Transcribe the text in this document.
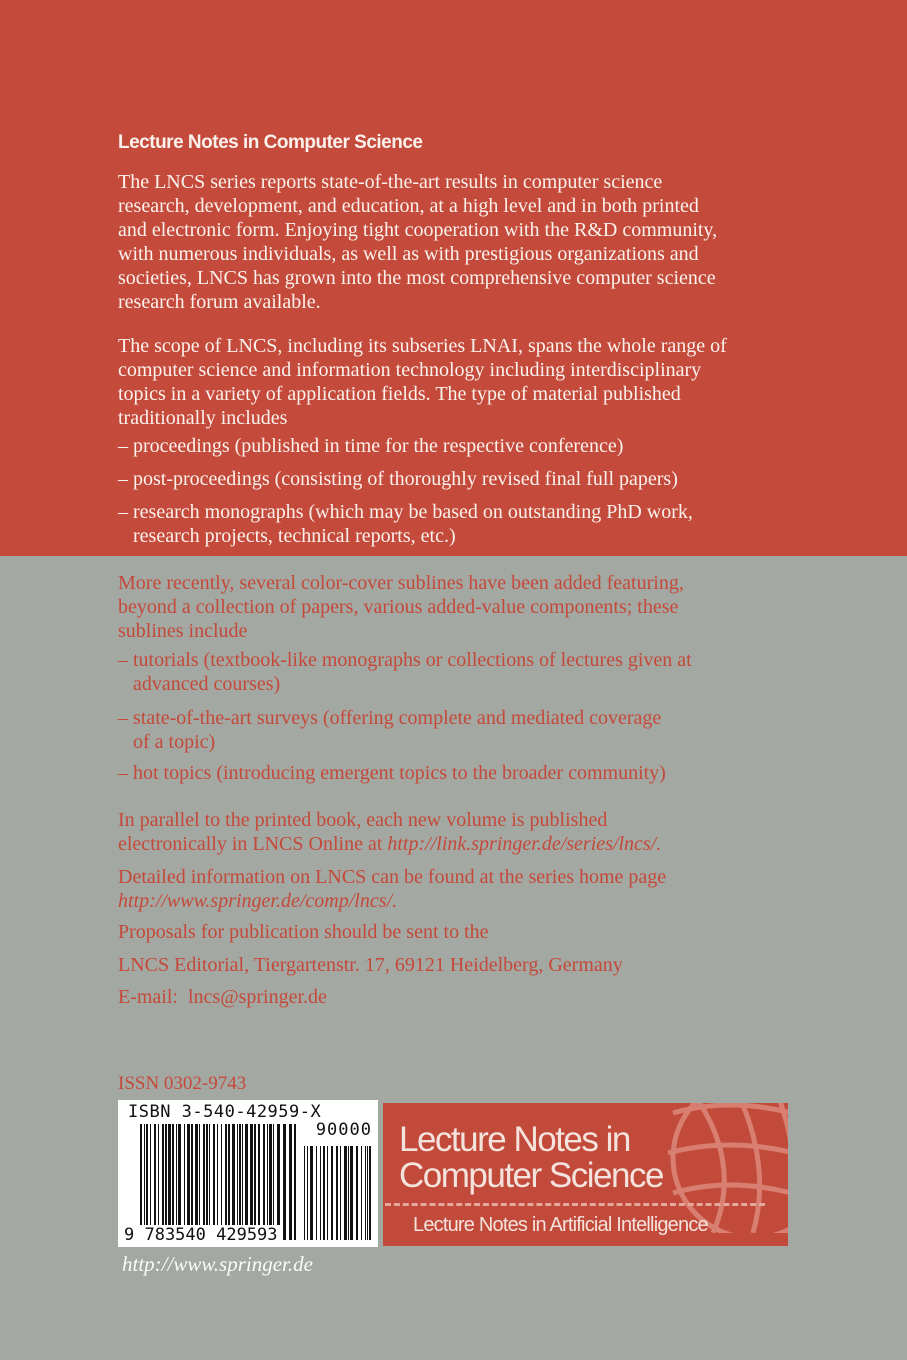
Lecture Notes in Computer Science
The LNCS series reports state-of-the-art results in computer science
research, development, and education, at a high level and in both printed
and electronic form. Enjoying tight cooperation with the R&D community,
with numerous individuals, as well as with prestigious organizations and
societies, LNCS has grown into the most comprehensive computer science
research forum available.
The scope of LNCS, including its subseries LNAI, spans the whole range of
computer science and information technology including interdisciplinary
topics in a variety of application fields. The type of material published
traditionally includes
– proceedings (published in time for the respective conference)
– post-proceedings (consisting of thoroughly revised final full papers)
– research monographs (which may be based on outstanding PhD work,
research projects, technical reports, etc.)
More recently, several color-cover sublines have been added featuring,
beyond a collection of papers, various added-value components; these
sublines include
– tutorials (textbook-like monographs or collections of lectures given at
advanced courses)
– state-of-the-art surveys (offering complete and mediated coverage
of a topic)
– hot topics (introducing emergent topics to the broader community)
In parallel to the printed book, each new volume is published
electronically in LNCS Online at http://link.springer.de/series/lncs/.
Detailed information on LNCS can be found at the series home page
http://www.springer.de/comp/lncs/.
Proposals for publication should be sent to the
LNCS Editorial, Tiergartenstr. 17, 69121 Heidelberg, Germany
E-mail:  lncs@springer.de
ISSN 0302-9743
ISBN 3-540-42959-X
90000
9 783540 429593
Lecture Notes in
Computer Science
Lecture Notes in Artificial Intelligence
http://www.springer.de
